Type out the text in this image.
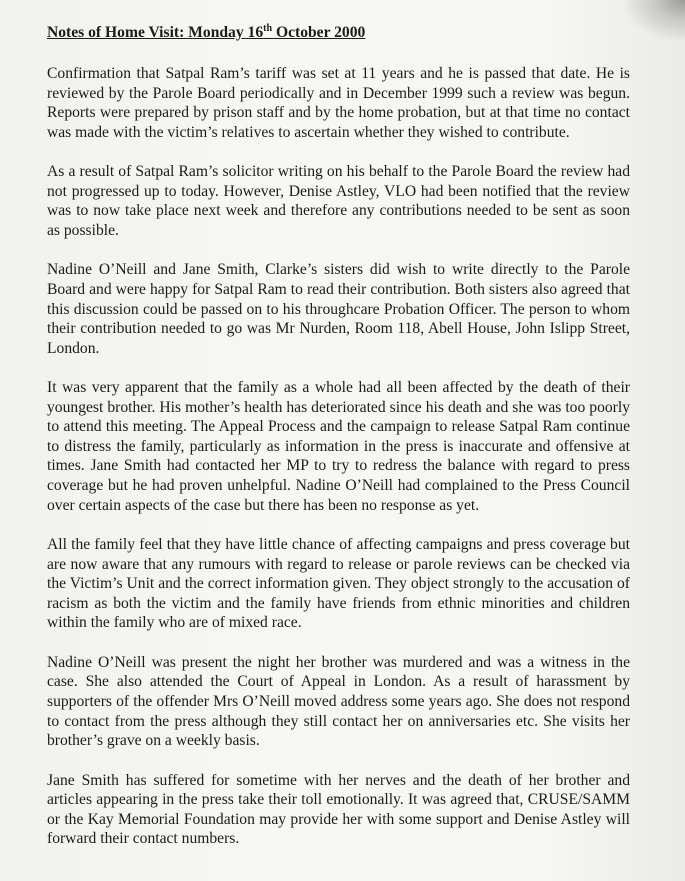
Notes of Home Visit: Monday 16th October 2000

Confirmation that Satpal Ram’s tariff was set at 11 years and he is passed that date. He is reviewed by the Parole Board periodically and in December 1999 such a review was begun. Reports were prepared by prison staff and by the home probation, but at that time no contact was made with the victim’s relatives to ascertain whether they wished to contribute.

As a result of Satpal Ram’s solicitor writing on his behalf to the Parole Board the review had not progressed up to today. However, Denise Astley, VLO had been notified that the review was to now take place next week and therefore any contributions needed to be sent as soon as possible.

Nadine O’Neill and Jane Smith, Clarke’s sisters did wish to write directly to the Parole Board and were happy for Satpal Ram to read their contribution. Both sisters also agreed that this discussion could be passed on to his throughcare Probation Officer. The person to whom their contribution needed to go was Mr Nurden, Room 118, Abell House, John Islipp Street, London.

It was very apparent that the family as a whole had all been affected by the death of their youngest brother. His mother’s health has deteriorated since his death and she was too poorly to attend this meeting. The Appeal Process and the campaign to release Satpal Ram continue to distress the family, particularly as information in the press is inaccurate and offensive at times. Jane Smith had contacted her MP to try to redress the balance with regard to press coverage but he had proven unhelpful. Nadine O’Neill had complained to the Press Council over certain aspects of the case but there has been no response as yet.

All the family feel that they have little chance of affecting campaigns and press coverage but are now aware that any rumours with regard to release or parole reviews can be checked via the Victim’s Unit and the correct information given. They object strongly to the accusation of racism as both the victim and the family have friends from ethnic minorities and children within the family who are of mixed race.

Nadine O’Neill was present the night her brother was murdered and was a witness in the case. She also attended the Court of Appeal in London. As a result of harassment by supporters of the offender Mrs O’Neill moved address some years ago. She does not respond to contact from the press although they still contact her on anniversaries etc. She visits her brother’s grave on a weekly basis.

Jane Smith has suffered for sometime with her nerves and the death of her brother and articles appearing in the press take their toll emotionally. It was agreed that, CRUSE/SAMM or the Kay Memorial Foundation may provide her with some support and Denise Astley will forward their contact numbers.
